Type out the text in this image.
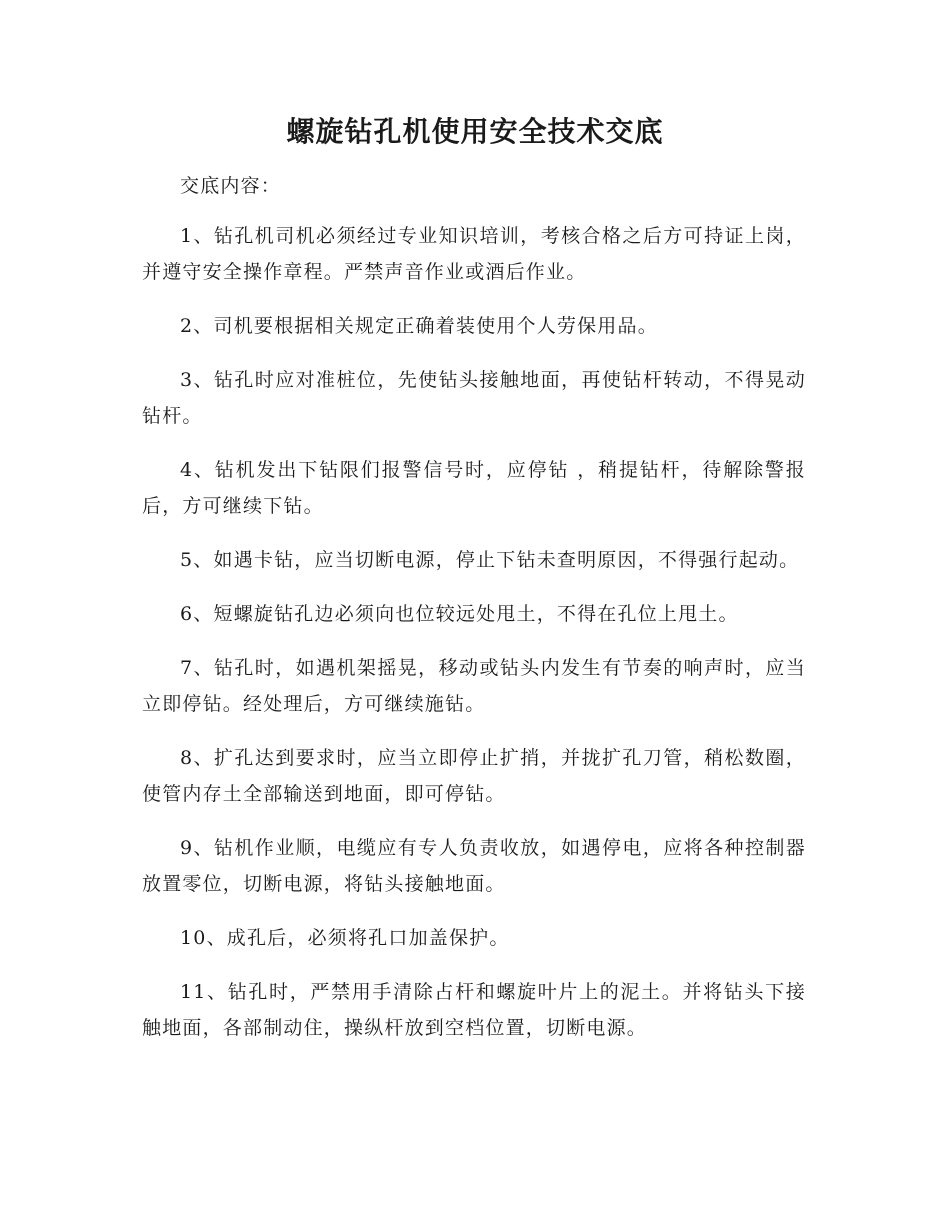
螺旋钻孔机使用安全技术交底

交底内容：

1、钻孔机司机必须经过专业知识培训，考核合格之后方可持证上岗，并遵守安全操作章程。严禁声音作业或酒后作业。

2、司机要根据相关规定正确着装使用个人劳保用品。

3、钻孔时应对准桩位，先使钻头接触地面，再使钻杆转动，不得晃动钻杆。

4、钻机发出下钻限们报警信号时，应停钻 ，稍提钻杆，待解除警报后，方可继续下钻。

5、如遇卡钻，应当切断电源，停止下钻未查明原因，不得强行起动。

6、短螺旋钻孔边必须向也位较远处甩土，不得在孔位上甩土。

7、钻孔时，如遇机架摇晃，移动或钻头内发生有节奏的响声时，应当立即停钻。经处理后，方可继续施钻。

8、扩孔达到要求时，应当立即停止扩捎，并拢扩孔刀管，稍松数圈，使管内存土全部输送到地面，即可停钻。

9、钻机作业顺，电缆应有专人负责收放，如遇停电，应将各种控制器放置零位，切断电源，将钻头接触地面。

10、成孔后，必须将孔口加盖保护。

11、钻孔时，严禁用手清除占杆和螺旋叶片上的泥土。并将钻头下接触地面，各部制动住，操纵杆放到空档位置，切断电源。
